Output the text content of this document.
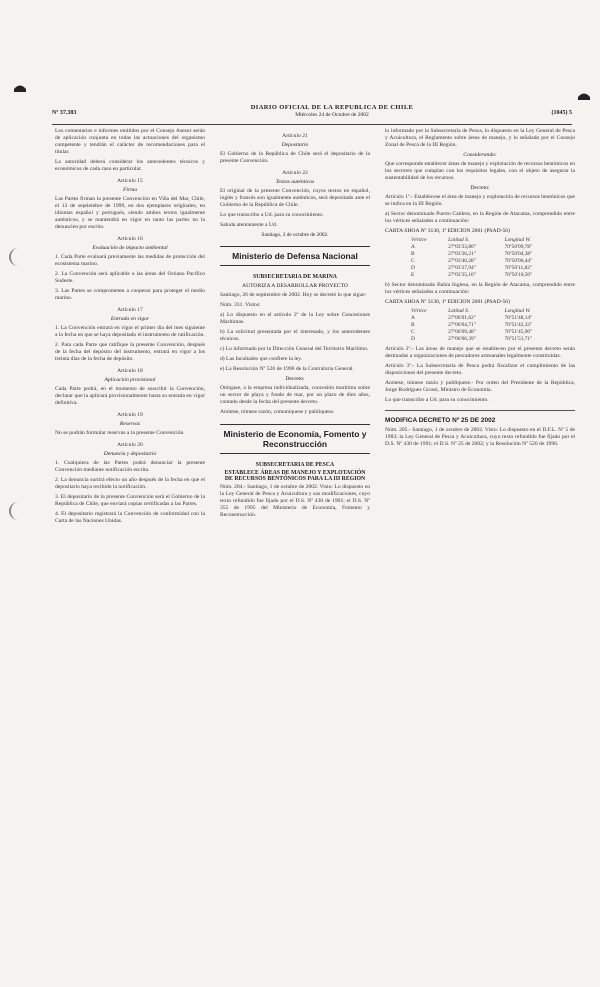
Nº 37.383
DIARIO OFICIAL DE LA REPUBLICA DE CHILE
Miércoles 24 de Octubre de 2002	(1045) 5

Los comentarios e informes emitidos por el Consejo Asesor serán de aplicación conjunta en todas las actuaciones del organismo competente y tendrán el carácter de recomendaciones para el titular.

La autoridad deberá considerar los antecedentes técnicos y económicos de cada caso en particular.

Artículo 15
Firma

Las Partes firman la presente Convención en Viña del Mar, Chile, el 13 de septiembre de 1999, en dos ejemplares originales, en idiomas español y portugués, siendo ambos textos igualmente auténticos, y se mantendrá en vigor en tanto las partes no la denuncien por escrito.

Artículo 16
Evaluación de impacto ambiental

1. Cada Parte evaluará previamente las medidas de protección del ecosistema marino.

2. La Convención será aplicable a las áreas del Océano Pacífico Sudeste.

3. Las Partes se comprometen a cooperar para proteger el medio marino.

Artículo 17
Entrada en vigor

1. La Convención entrará en vigor el primer día del mes siguiente a la fecha en que se haya depositado el instrumento de ratificación.

2. Para cada Parte que ratifique la presente Convención, después de la fecha del depósito del instrumento, entrará en vigor a los treinta días de la fecha de depósito.

Artículo 18
Aplicación provisional

Cada Parte podrá, en el momento de suscribir la Convención, declarar que la aplicará provisionalmente hasta su entrada en vigor definitiva.

Artículo 19
Reservas

No se podrán formular reservas a la presente Convención.

Artículo 20
Denuncia y depositario

1. Cualquiera de las Partes podrá denunciar la presente Convención mediante notificación escrita.

2. La denuncia surtirá efecto un año después de la fecha en que el depositario haya recibido la notificación.

3. El depositario de la presente Convención será el Gobierno de la República de Chile, que enviará copias certificadas a las Partes.

4. El depositario registrará la Convención de conformidad con la Carta de las Naciones Unidas.

Artículo 21
Depositario

El Gobierno de la República de Chile será el depositario de la presente Convención.

Artículo 22
Textos auténticos

El original de la presente Convención, cuyos textos en español, inglés y francés son igualmente auténticos, será depositado ante el Gobierno de la República de Chile.

Lo que transcribo a Ud. para su conocimiento.

Saluda atentamente a Ud.

Santiago, 2 de octubre de 2002.
Ministerio de Defensa Nacional
SUBSECRETARIA DE MARINA
AUTORIZA A DESARROLLAR PROYECTO

Santiago, 26 de septiembre de 2002. Hoy se decretó lo que sigue:

Núm. 331. Vistos:

a) Lo dispuesto en el artículo 2º de la Ley sobre Concesiones Marítimas.

b) La solicitud presentada por el interesado, y los antecedentes técnicos.

c) Lo informado por la Dirección General del Territorio Marítimo.

d) Las facultades que confiere la ley.

e) La Resolución Nº 520 de 1996 de la Contraloría General.

Decreto:

Otórgase, a la empresa individualizada, concesión marítima sobre un sector de playa y fondo de mar, por un plazo de diez años, contado desde la fecha del presente decreto.

Anótese, tómese razón, comuníquese y publíquese.

Ministerio de Economía, Fomento y Reconstrucción
SUBSECRETARIA DE PESCA
ESTABLECE ÁREAS DE MANEJO Y EXPLOTACIÓN DE RECURSOS BENTÓNICOS PARA LA III REGION

Núm. 204.- Santiago, 1 de octubre de 2002. Visto: Lo dispuesto en la Ley General de Pesca y Acuicultura y sus modificaciones, cuyo texto refundido fue fijado por el D.S. Nº 430 de 1991; el D.S. Nº 355 de 1995 del Ministerio de Economía, Fomento y Reconstrucción.

lo informado por la Subsecretaría de Pesca, lo dispuesto en la Ley General de Pesca y Acuicultura, el Reglamento sobre áreas de manejo, y lo señalado por el Consejo Zonal de Pesca de la III Región.

Considerando:

Que corresponde establecer áreas de manejo y explotación de recursos bentónicos en los sectores que cumplan con los requisitos legales, con el objeto de asegurar la sustentabilidad de los recursos.

Decreto:

Artículo 1º.- Establécese el área de manejo y explotación de recursos bentónicos que se indica en la III Región.

a) Sector denominado Puerto Caldera, en la Región de Atacama, comprendido entre los vértices señalados a continuación:

CARTA SHOA Nº 3130, 1ª EDICION 2001 (PSAD-56)
Vértice	Latitud S.	Longitud W.
A	27º03'33,80"	70º50'09,78"
B	27º03'36,21"	70º50'04,38"
C	27º03'40,28"	70º50'06,44"
D	27º03'37,94"	70º50'11,82"
E	27º03'35,10"	70º50'10,50"

b) Sector denominado Bahía Inglesa, en la Región de Atacama, comprendido entre los vértices señalados a continuación:

CARTA SHOA Nº 3130, 1ª EDICION 2001 (PSAD-56)
Vértice	Latitud S.	Longitud W.
A	27º06'01,62"	70º51'48,14"
B	27º06'04,71"	70º51'42,33"
C	27º06'09,48"	70º51'45,90"
D	27º06'06,39"	70º51'51,71"

Artículo 2º.- Las áreas de manejo que se establecen por el presente decreto serán destinadas a organizaciones de pescadores artesanales legalmente constituidas.

Artículo 3º.- La Subsecretaría de Pesca podrá fiscalizar el cumplimiento de las disposiciones del presente decreto.

Anótese, tómese razón y publíquese.- Por orden del Presidente de la República, Jorge Rodríguez Grossi, Ministro de Economía.

Lo que transcribo a Ud. para su conocimiento.

MODIFICA DECRETO Nº 25 DE 2002

Núm. 205.- Santiago, 1 de octubre de 2002. Visto: Lo dispuesto en el D.F.L. Nº 5 de 1983; la Ley General de Pesca y Acuicultura, cuyo texto refundido fue fijado por el D.S. Nº 430 de 1991; el D.S. Nº 25 de 2002; y la Resolución Nº 520 de 1996.
